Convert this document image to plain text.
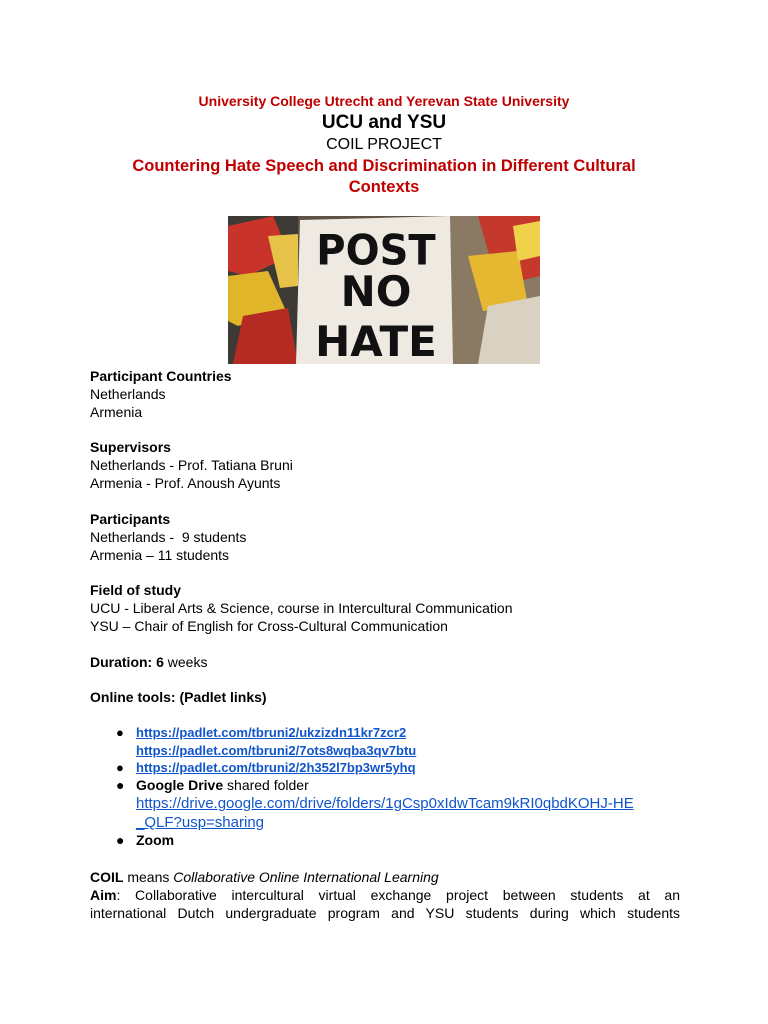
University College Utrecht and Yerevan State University
UCU and YSU
COIL PROJECT
Countering Hate Speech and Discrimination in Different Cultural Contexts
POST
NO
HATE
Participant Countries
Netherlands
Armenia
Supervisors
Netherlands - Prof. Tatiana Bruni
Armenia - Prof. Anoush Ayunts
Participants
Netherlands -  9 students
Armenia – 11 students
Field of study
UCU - Liberal Arts & Science, course in Intercultural Communication
YSU – Chair of English for Cross-Cultural Communication
Duration: 6 weeks
Online tools: (Padlet links)
● https://padlet.com/tbruni2/ukzizdn11kr7zcr2
https://padlet.com/tbruni2/7ots8wqba3qv7btu
● https://padlet.com/tbruni2/2h352l7bp3wr5yhq
● Google Drive shared folder
https://drive.google.com/drive/folders/1gCsp0xIdwTcam9kRI0qbdKOHJ-HE
_QLF?usp=sharing
● Zoom
COIL means Collaborative Online International Learning
Aim: Collaborative intercultural virtual exchange project between students at an
international Dutch undergraduate program and YSU students during which students
